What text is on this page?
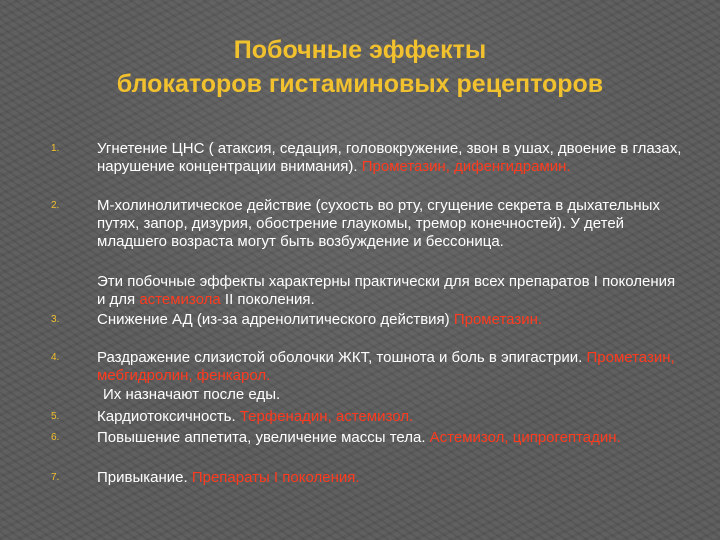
Побочные эффекты
блокаторов гистаминовых рецепторов
1.	Угнетение ЦНС ( атаксия, седация, головокружение, звон в ушах, двоение в глазах, нарушение концентрации внимания). Прометазин, дифенгидрамин.
2.	М-холинолитическое действие (сухость во рту, сгущение секрета в дыхательных путях, запор, дизурия, обострение глаукомы, тремор конечностей). У детей младшего возраста могут быть возбуждение и бессоница.
Эти побочные эффекты характерны практически для всех препаратов I поколения и для астемизола II поколения.
3.	Снижение АД (из-за адренолитического действия) Прометазин.
4.	Раздражение слизистой оболочки ЖКТ, тошнота и боль в эпигастрии. Прометазин, мебгидролин, фенкарол.
Их назначают после еды.
5.	Кардиотоксичность. Терфенадин, астемизол.
6.	Повышение аппетита, увеличение массы тела. Астемизол, ципрогептадин.
7.	Привыкание. Препараты I поколения.
